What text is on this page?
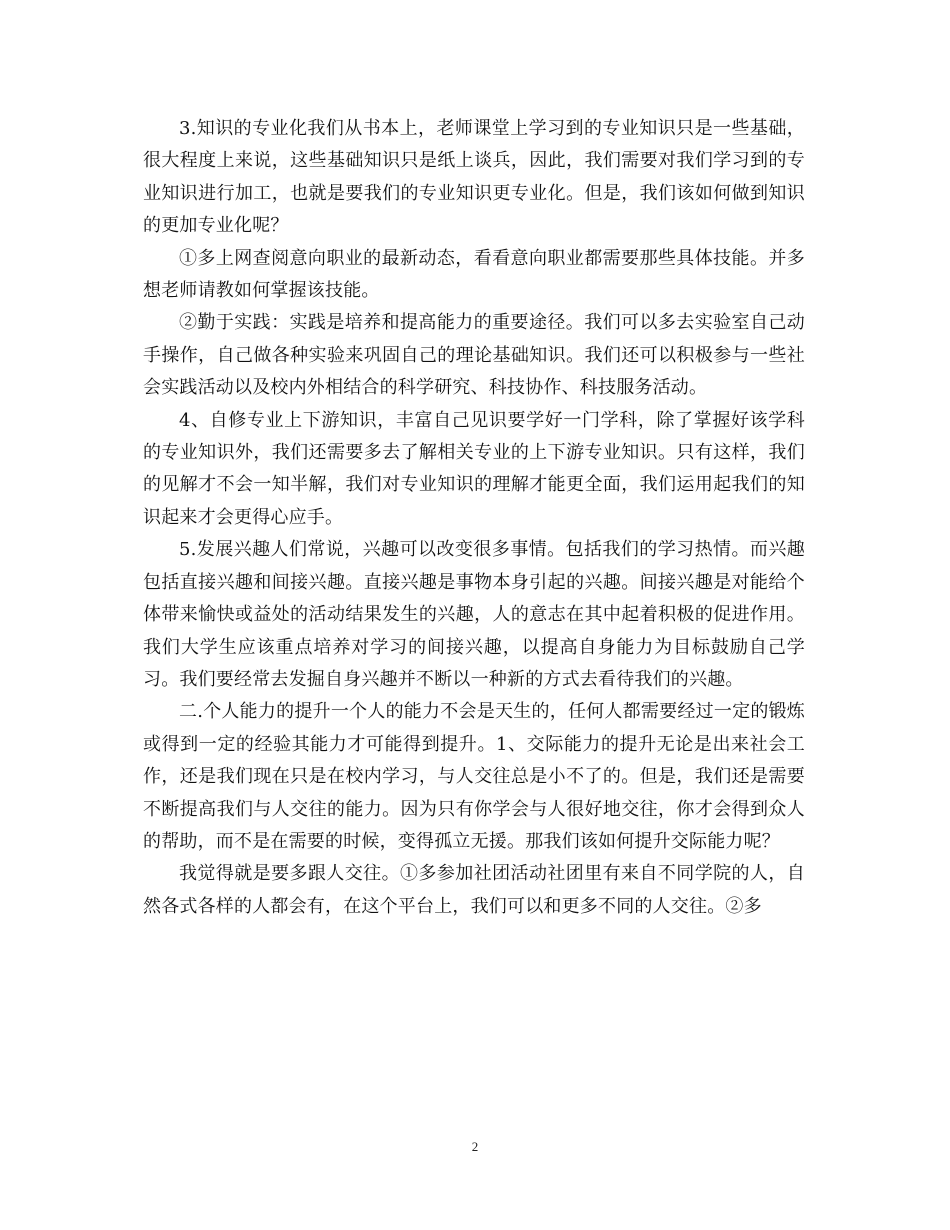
3.知识的专业化我们从书本上，老师课堂上学习到的专业知识只是一些基础，很大程度上来说，这些基础知识只是纸上谈兵，因此，我们需要对我们学习到的专业知识进行加工，也就是要我们的专业知识更专业化。但是，我们该如何做到知识的更加专业化呢？

①多上网查阅意向职业的最新动态，看看意向职业都需要那些具体技能。并多想老师请教如何掌握该技能。

②勤于实践：实践是培养和提高能力的重要途径。我们可以多去实验室自己动手操作，自己做各种实验来巩固自己的理论基础知识。我们还可以积极参与一些社会实践活动以及校内外相结合的科学研究、科技协作、科技服务活动。

4、自修专业上下游知识，丰富自己见识要学好一门学科，除了掌握好该学科的专业知识外，我们还需要多去了解相关专业的上下游专业知识。只有这样，我们的见解才不会一知半解，我们对专业知识的理解才能更全面，我们运用起我们的知识起来才会更得心应手。

5.发展兴趣人们常说，兴趣可以改变很多事情。包括我们的学习热情。而兴趣包括直接兴趣和间接兴趣。直接兴趣是事物本身引起的兴趣。间接兴趣是对能给个体带来愉快或益处的活动结果发生的兴趣，人的意志在其中起着积极的促进作用。我们大学生应该重点培养对学习的间接兴趣，以提高自身能力为目标鼓励自己学习。我们要经常去发掘自身兴趣并不断以一种新的方式去看待我们的兴趣。

二.个人能力的提升一个人的能力不会是天生的，任何人都需要经过一定的锻炼或得到一定的经验其能力才可能得到提升。1、交际能力的提升无论是出来社会工作，还是我们现在只是在校内学习，与人交往总是小不了的。但是，我们还是需要不断提高我们与人交往的能力。因为只有你学会与人很好地交往，你才会得到众人的帮助，而不是在需要的时候，变得孤立无援。那我们该如何提升交际能力呢？

我觉得就是要多跟人交往。①多参加社团活动社团里有来自不同学院的人，自然各式各样的人都会有，在这个平台上，我们可以和更多不同的人交往。②多

2
